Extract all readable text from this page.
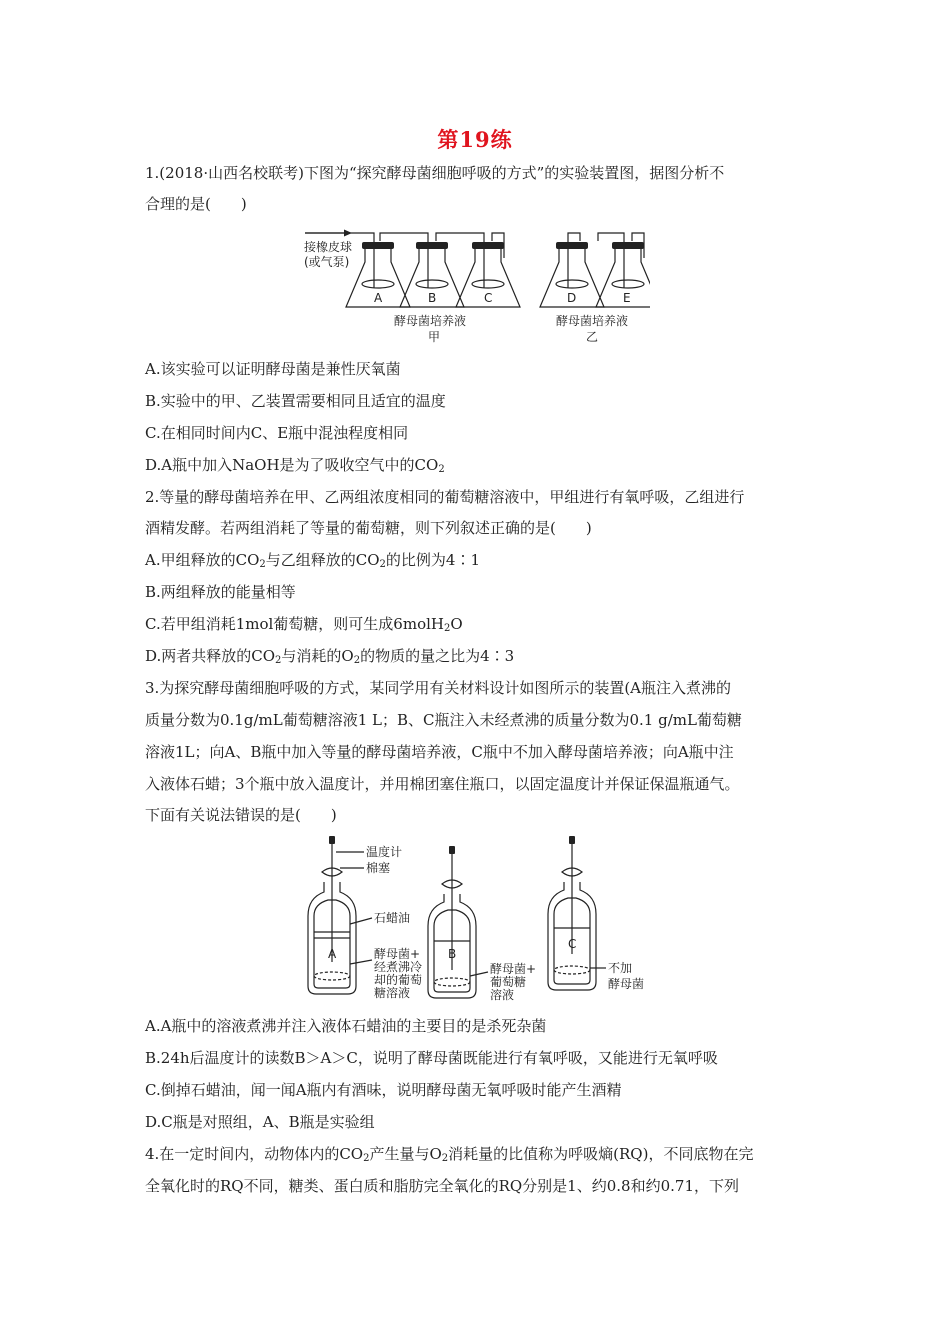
第19练
1.(2018·山西名校联考)下图为“探究酵母菌细胞呼吸的方式”的实验装置图，据图分析不
合理的是(　　)
接橡皮球
(或气泵)
A	B	C	D	E
酵母菌培养液
甲
酵母菌培养液
乙
A.该实验可以证明酵母菌是兼性厌氧菌
B.实验中的甲、乙装置需要相同且适宜的温度
C.在相同时间内C、E瓶中混浊程度相同
D.A瓶中加入NaOH是为了吸收空气中的$CO_2$
2.等量的酵母菌培养在甲、乙两组浓度相同的葡萄糖溶液中，甲组进行有氧呼吸，乙组进行
酒精发酵。若两组消耗了等量的葡萄糖，则下列叙述正确的是(　　)
A.甲组释放的$CO_2$与乙组释放的$CO_2$的比例为4∶1
B.两组释放的能量相等
C.若甲组消耗1mol葡萄糖，则可生成6molH$_2$O
D.两者共释放的$CO_2$与消耗的$O_2$的物质的量之比为4∶3
3.为探究酵母菌细胞呼吸的方式，某同学用有关材料设计如图所示的装置(A瓶注入煮沸的
质量分数为0.1g/mL葡萄糖溶液1 L；B、C瓶注入未经煮沸的质量分数为0.1 g/mL葡萄糖
溶液1L；向A、B瓶中加入等量的酵母菌培养液，C瓶中不加入酵母菌培养液；向A瓶中注
入液体石蜡；3个瓶中放入温度计，并用棉团塞住瓶口，以固定温度计并保证保温瓶通气。
下面有关说法错误的是(　　)
温度计
棉塞
石蜡油
A	B
C
酵母菌+
经煮沸冷
却的葡萄
糖溶液
酵母菌+
葡萄糖
溶液
不加
酵母菌
A.A瓶中的溶液煮沸并注入液体石蜡油的主要目的是杀死杂菌
B.24h后温度计的读数B＞A＞C，说明了酵母菌既能进行有氧呼吸，又能进行无氧呼吸
C.倒掉石蜡油，闻一闻A瓶内有酒味，说明酵母菌无氧呼吸时能产生酒精
D.C瓶是对照组，A、B瓶是实验组
4.在一定时间内，动物体内的$CO_2$产生量与$O_2$消耗量的比值称为呼吸熵(RQ)，不同底物在完
全氧化时的RQ不同，糖类、蛋白质和脂肪完全氧化的RQ分别是1、约0.8和约0.71，下列
